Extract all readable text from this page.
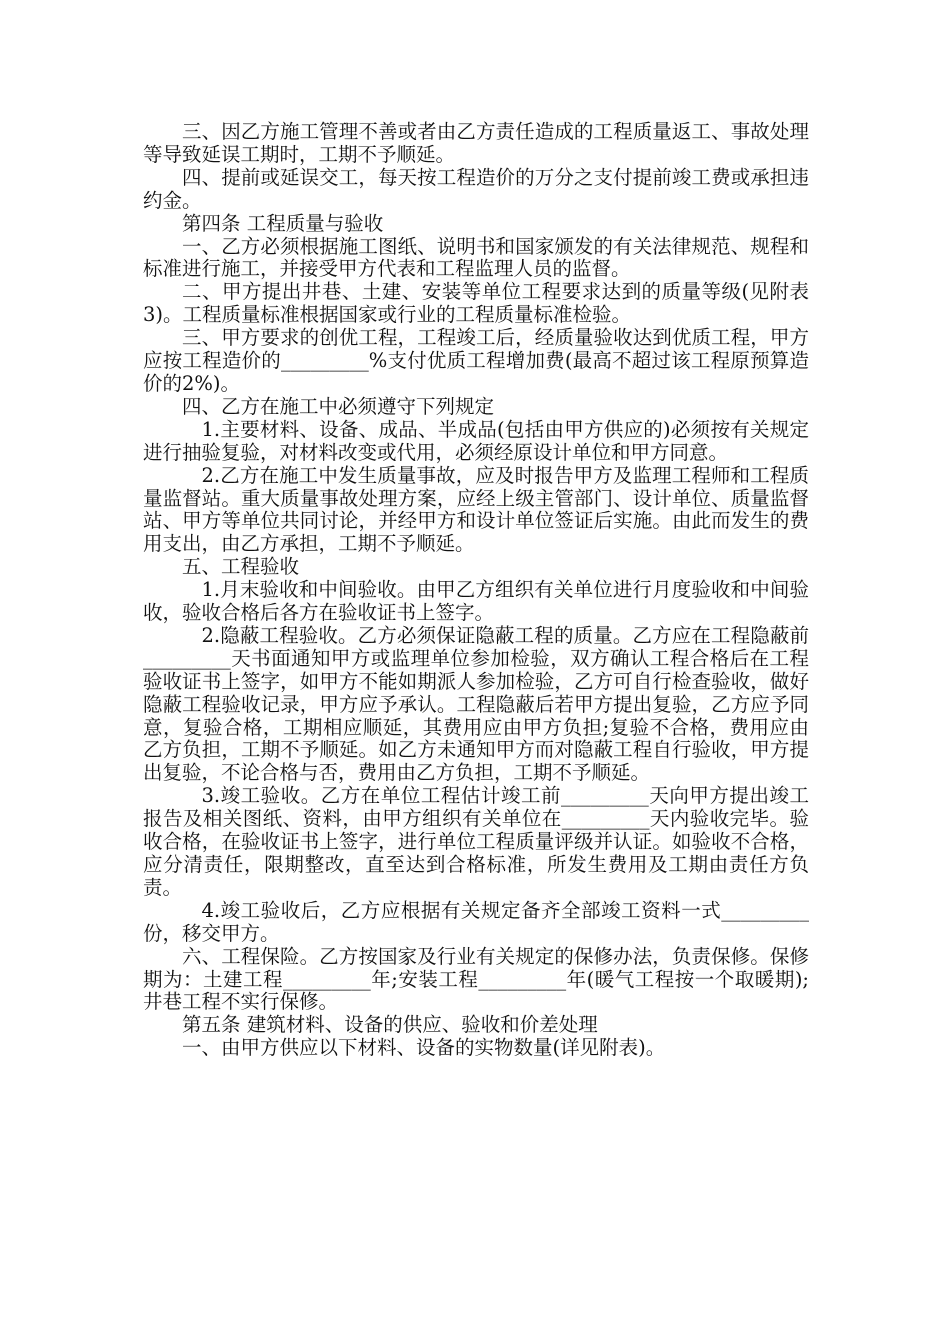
三、因乙方施工管理不善或者由乙方责任造成的工程质量返工、事故处理等导致延误工期时，工期不予顺延。

四、提前或延误交工，每天按工程造价的万分之支付提前竣工费或承担违约金。

第四条 工程质量与验收

一、乙方必须根据施工图纸、说明书和国家颁发的有关法律规范、规程和标准进行施工，并接受甲方代表和工程监理人员的监督。

二、甲方提出井巷、土建、安装等单位工程要求达到的质量等级(见附表3)。工程质量标准根据国家或行业的工程质量标准检验。

三、甲方要求的创优工程，工程竣工后，经质量验收达到优质工程，甲方应按工程造价的_________%支付优质工程增加费(最高不超过该工程原预算造价的2%)。

四、乙方在施工中必须遵守下列规定

1.主要材料、设备、成品、半成品(包括由甲方供应的)必须按有关规定进行抽验复验，对材料改变或代用，必须经原设计单位和甲方同意。

2.乙方在施工中发生质量事故，应及时报告甲方及监理工程师和工程质量监督站。重大质量事故处理方案，应经上级主管部门、设计单位、质量监督站、甲方等单位共同讨论，并经甲方和设计单位签证后实施。由此而发生的费用支出，由乙方承担，工期不予顺延。

五、工程验收

1.月末验收和中间验收。由甲乙方组织有关单位进行月度验收和中间验收，验收合格后各方在验收证书上签字。

2.隐蔽工程验收。乙方必须保证隐蔽工程的质量。乙方应在工程隐蔽前_________天书面通知甲方或监理单位参加检验，双方确认工程合格后在工程验收证书上签字，如甲方不能如期派人参加检验，乙方可自行检查验收，做好隐蔽工程验收记录，甲方应予承认。工程隐蔽后若甲方提出复验，乙方应予同意，复验合格，工期相应顺延，其费用应由甲方负担;复验不合格，费用应由乙方负担，工期不予顺延。如乙方未通知甲方而对隐蔽工程自行验收，甲方提出复验，不论合格与否，费用由乙方负担，工期不予顺延。

3.竣工验收。乙方在单位工程估计竣工前_________天向甲方提出竣工报告及相关图纸、资料，由甲方组织有关单位在_________天内验收完毕。验收合格，在验收证书上签字，进行单位工程质量评级并认证。如验收不合格，应分清责任，限期整改，直至达到合格标准，所发生费用及工期由责任方负责。

4.竣工验收后，乙方应根据有关规定备齐全部竣工资料一式_________份，移交甲方。

六、工程保险。乙方按国家及行业有关规定的保修办法，负责保修。保修期为：土建工程_________年;安装工程_________年(暖气工程按一个取暖期);井巷工程不实行保修。

第五条 建筑材料、设备的供应、验收和价差处理

一、由甲方供应以下材料、设备的实物数量(详见附表)。
